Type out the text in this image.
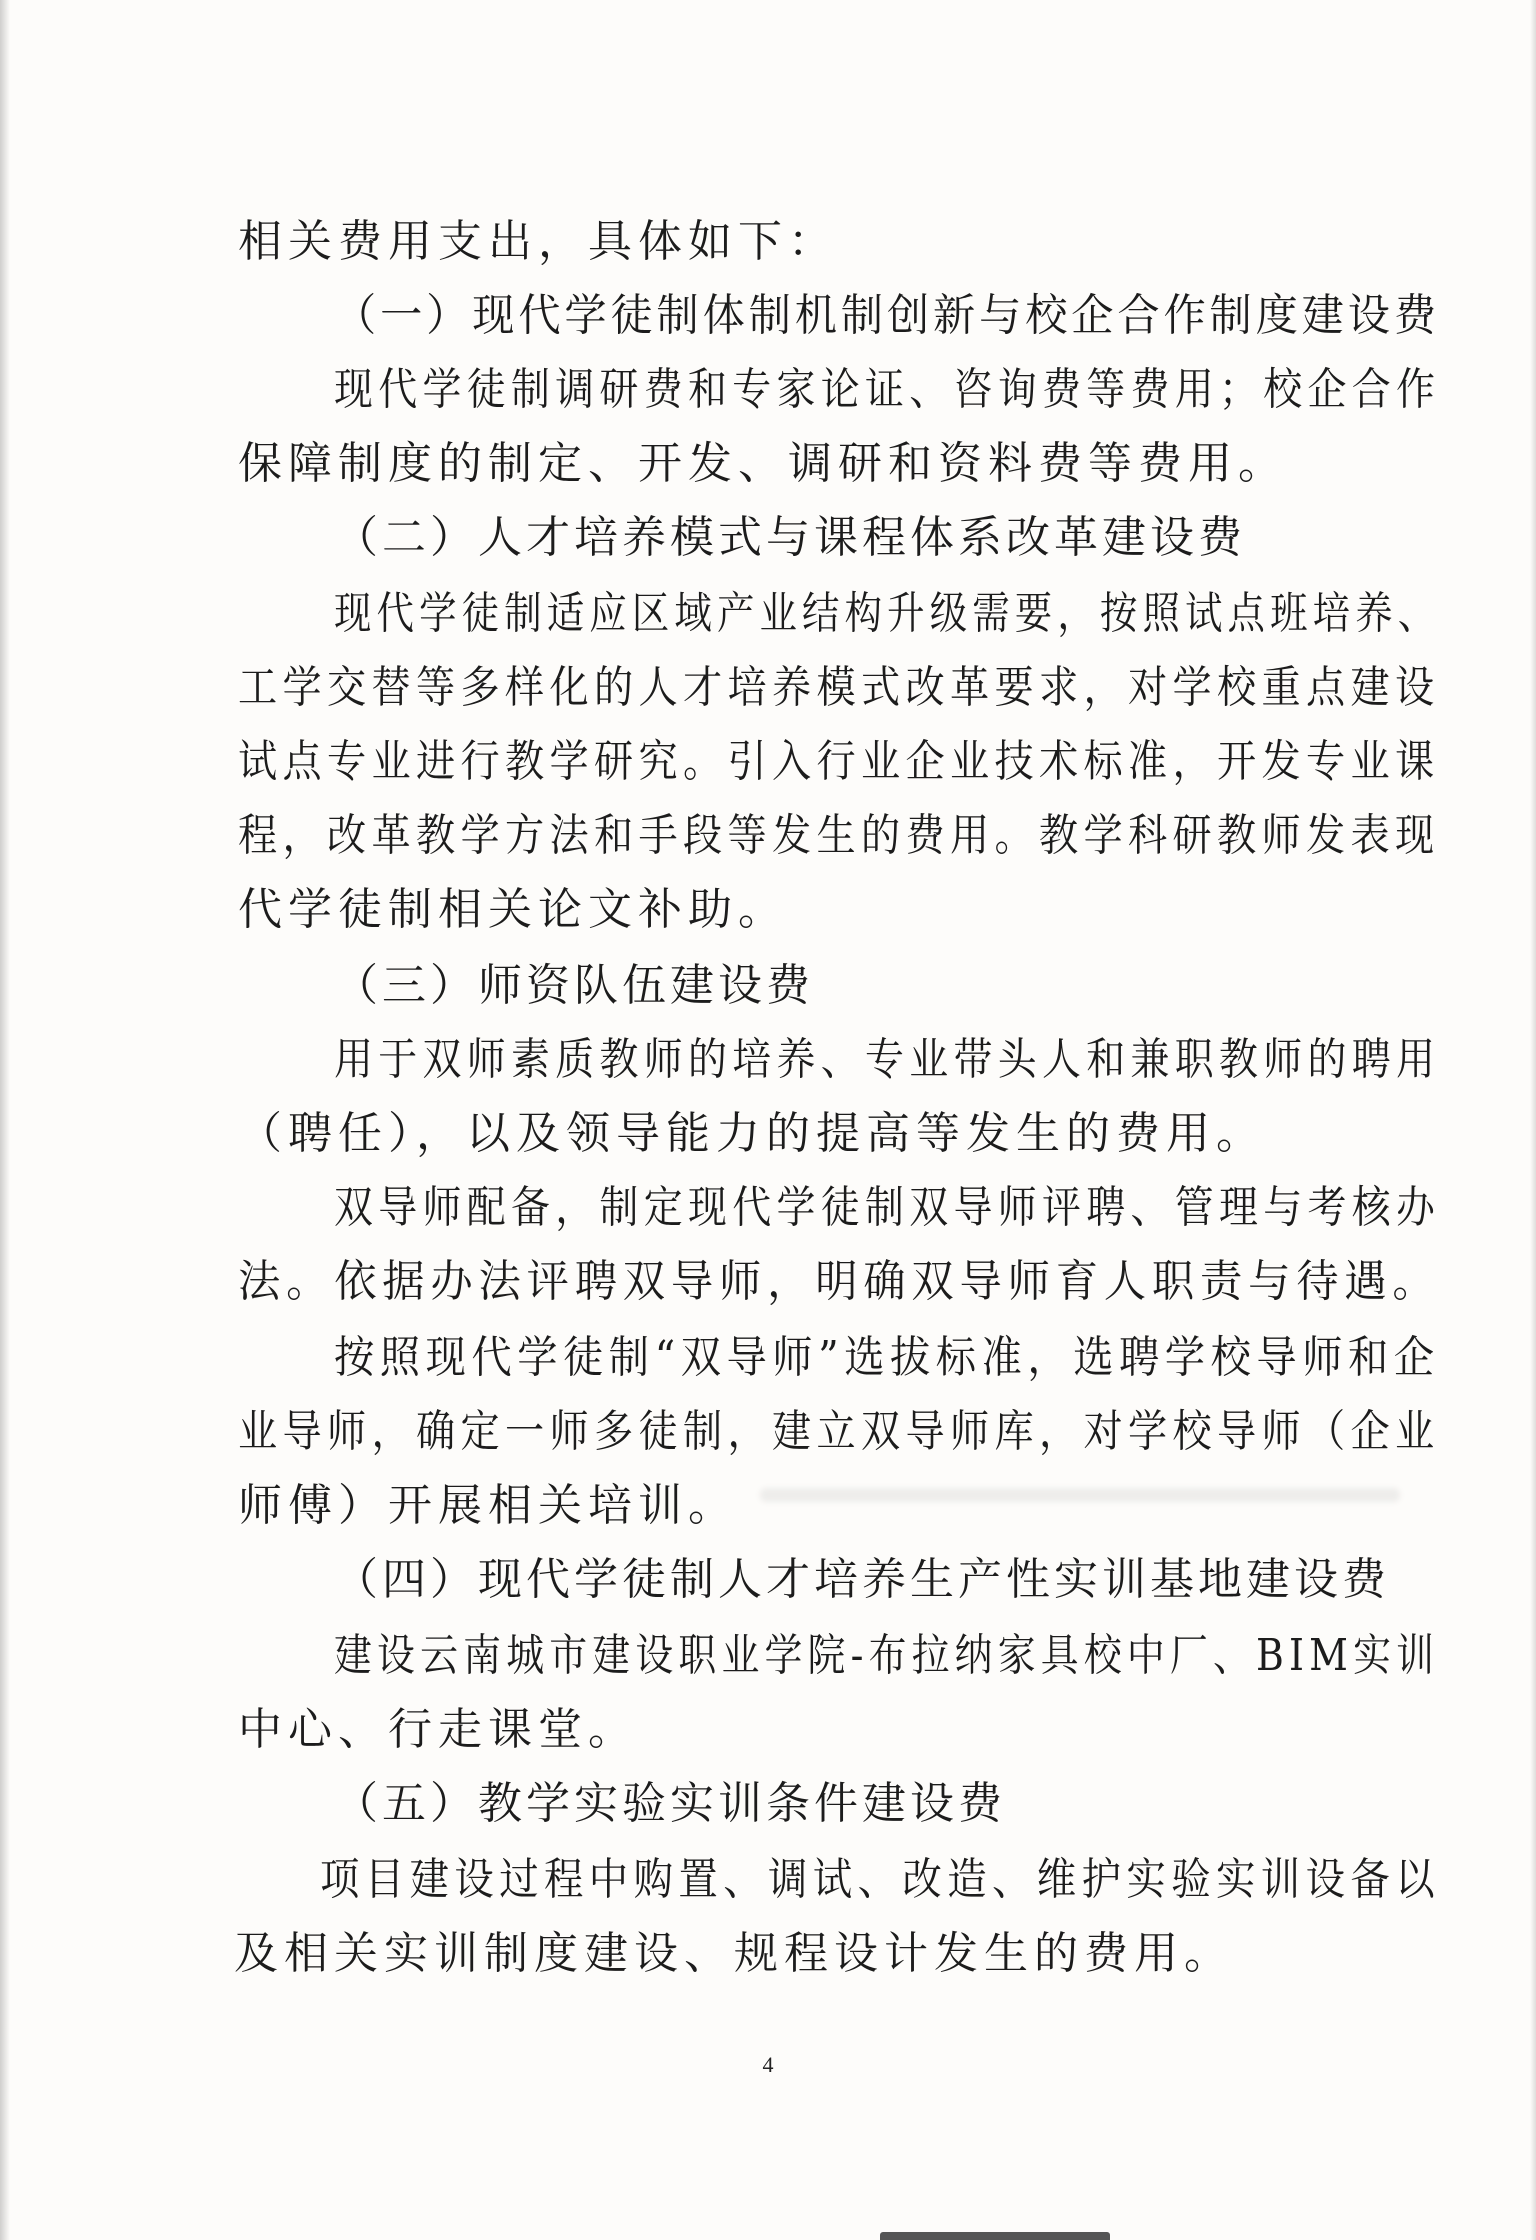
相关费用支出，具体如下：

（一）现代学徒制体制机制创新与校企合作制度建设费

现代学徒制调研费和专家论证、咨询费等费用；校企合作

保障制度的制定、开发、调研和资料费等费用。

（二）人才培养模式与课程体系改革建设费

现代学徒制适应区域产业结构升级需要，按照试点班培养、

工学交替等多样化的人才培养模式改革要求，对学校重点建设

试点专业进行教学研究。引入行业企业技术标准，开发专业课

程，改革教学方法和手段等发生的费用。教学科研教师发表现

代学徒制相关论文补助。

（三）师资队伍建设费

用于双师素质教师的培养、专业带头人和兼职教师的聘用

（聘任），以及领导能力的提高等发生的费用。

双导师配备，制定现代学徒制双导师评聘、管理与考核办

法。依据办法评聘双导师，明确双导师育人职责与待遇。

按照现代学徒制“双导师”选拔标准，选聘学校导师和企

业导师，确定一师多徒制，建立双导师库，对学校导师（企业

师傅）开展相关培训。

（四）现代学徒制人才培养生产性实训基地建设费

建设云南城市建设职业学院-布拉纳家具校中厂、BIM实训

中心、行走课堂。

（五）教学实验实训条件建设费

项目建设过程中购置、调试、改造、维护实验实训设备以

及相关实训制度建设、规程设计发生的费用。

4
